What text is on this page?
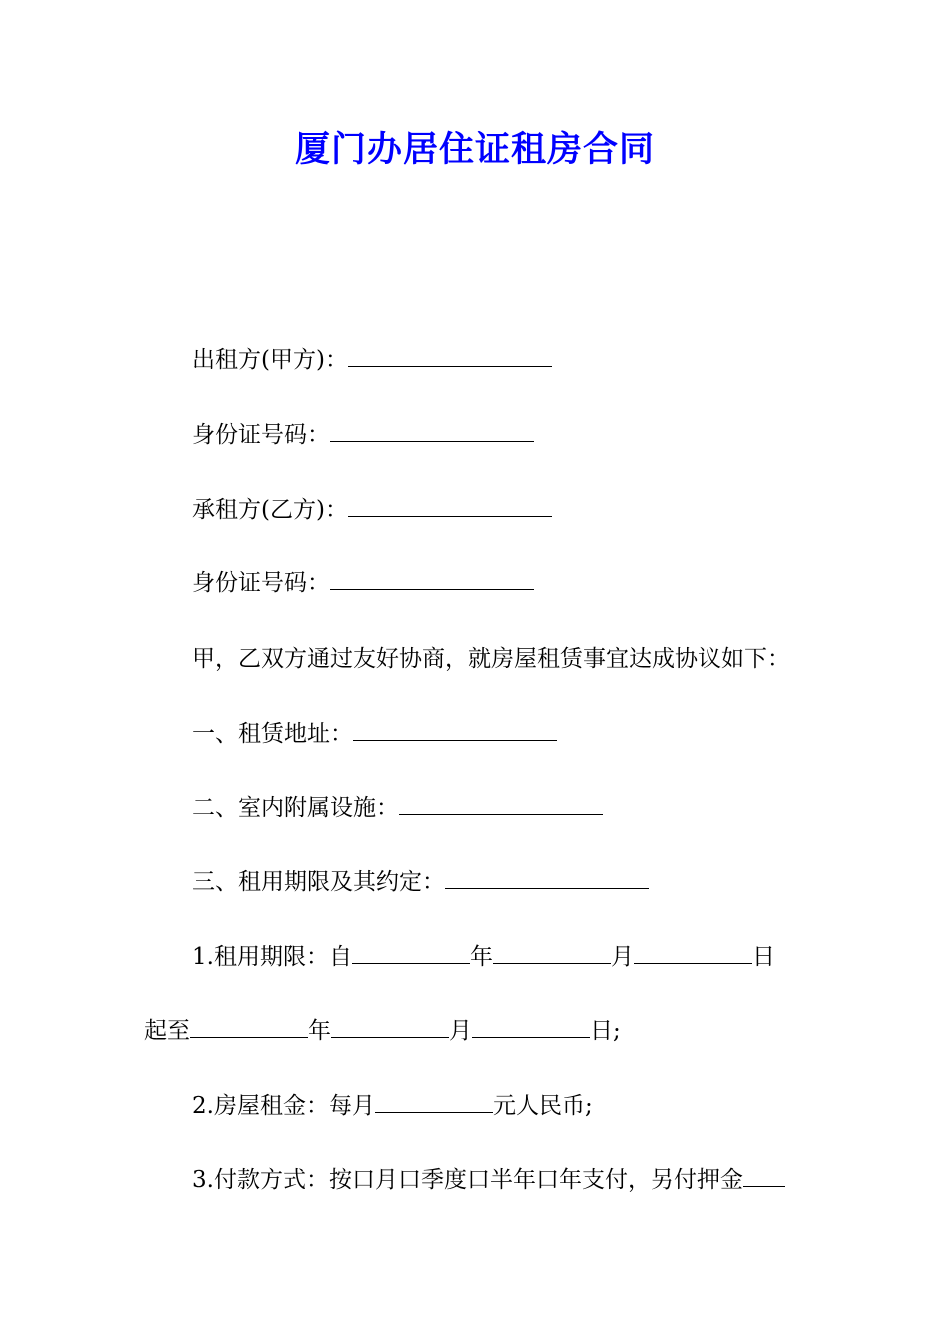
厦门办居住证租房合同
出租方(甲方)：
身份证号码：
承租方(乙方)：
身份证号码：
甲，乙双方通过友好协商，就房屋租赁事宜达成协议如下：
一、租赁地址：
二、室内附属设施：
三、租用期限及其约定：
1.租用期限：自	年	月	日
起至	年	月	日;
2.房屋租金：每月	元人民币;
3.付款方式：按口月口季度口半年口年支付，另付押金
